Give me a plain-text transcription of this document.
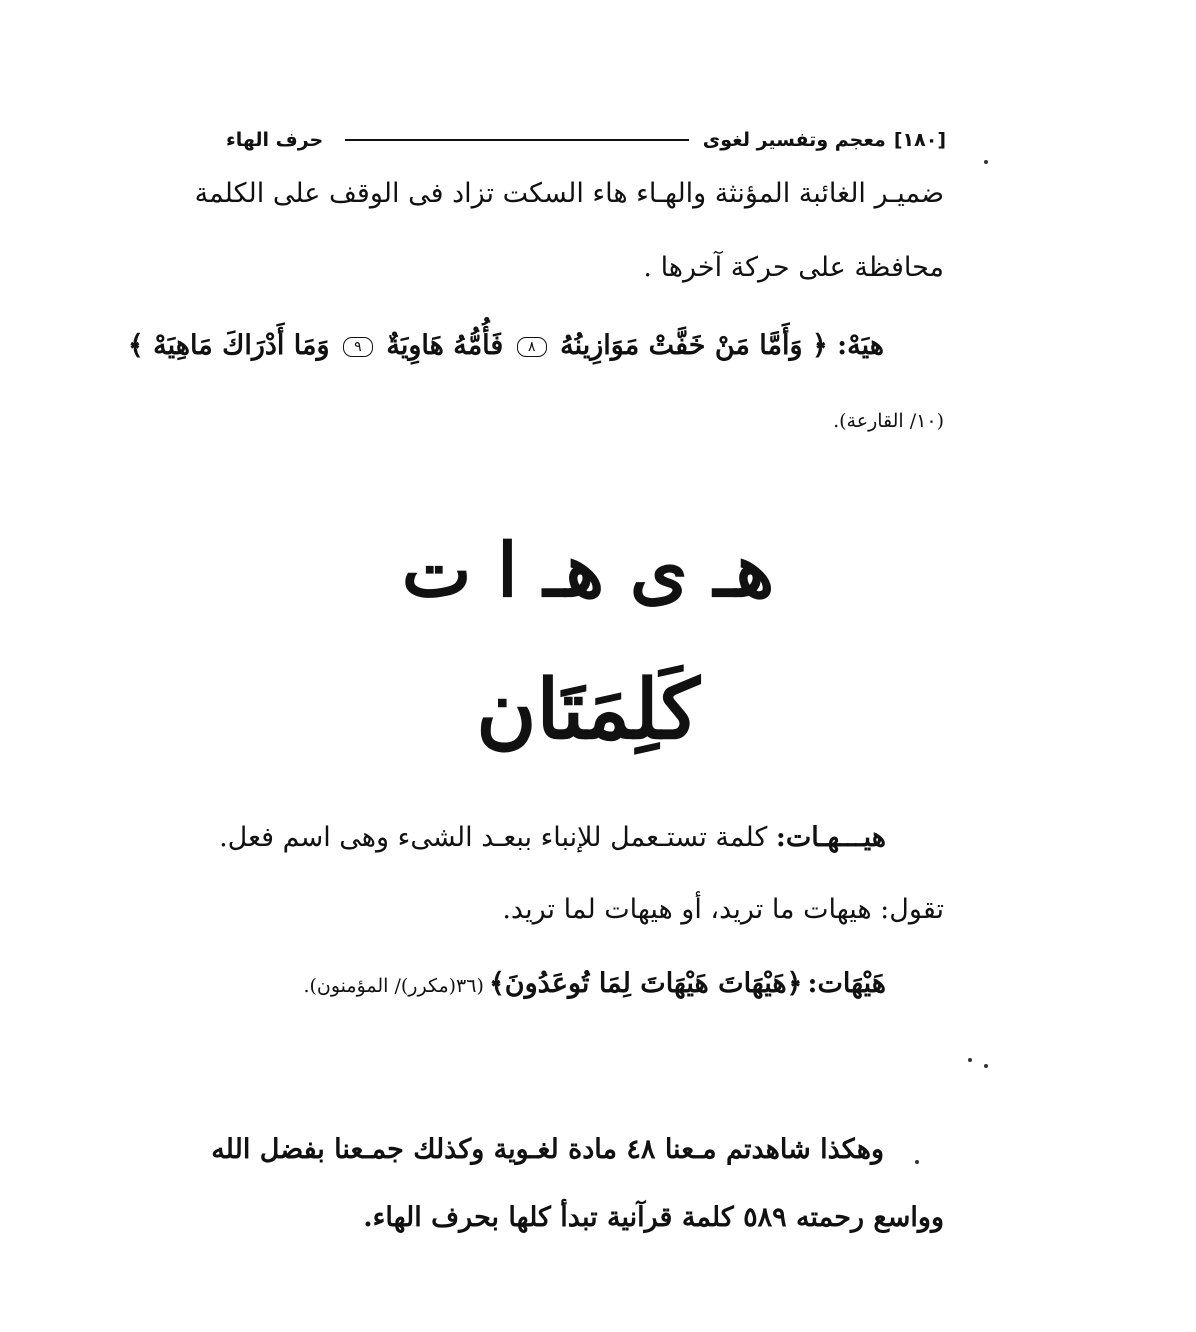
[١٨٠]
معجم وتفسير لغوى
حرف الهاء
ضميـر الغائبة المؤنثة والهـاء هاء السكت تزاد فى الوقف على الكلمة
محافظة على حركة آخرها .
هيَهْ: ﴿ وَأَمَّا مَنْ خَفَّتْ مَوَازِينُهُ ٨ فَأُمُّهُ هَاوِيَةٌ ٩ وَمَا أَدْرَاكَ مَاهِيَهْ ﴾
(١٠/ القارعة).
هـ ى هـ ا ت
كَلِمَتَان
هيـــهـات: كلمة تستـعمل للإنباء ببعـد الشىء وهى اسم فعل.
تقول: هيهات ما تريد، أو هيهات لما تريد.
هَيْهَات: ﴿هَيْهَاتَ هَيْهَاتَ لِمَا تُوعَدُونَ﴾ (٣٦(مكرر)/ المؤمنون).
وهكذا شاهدتم مـعنا ٤٨ مادة لغـوية وكذلك جمـعنا بفضل الله
وواسع رحمته ٥٨٩ كلمة قرآنية تبدأ كلها بحرف الهاء.
